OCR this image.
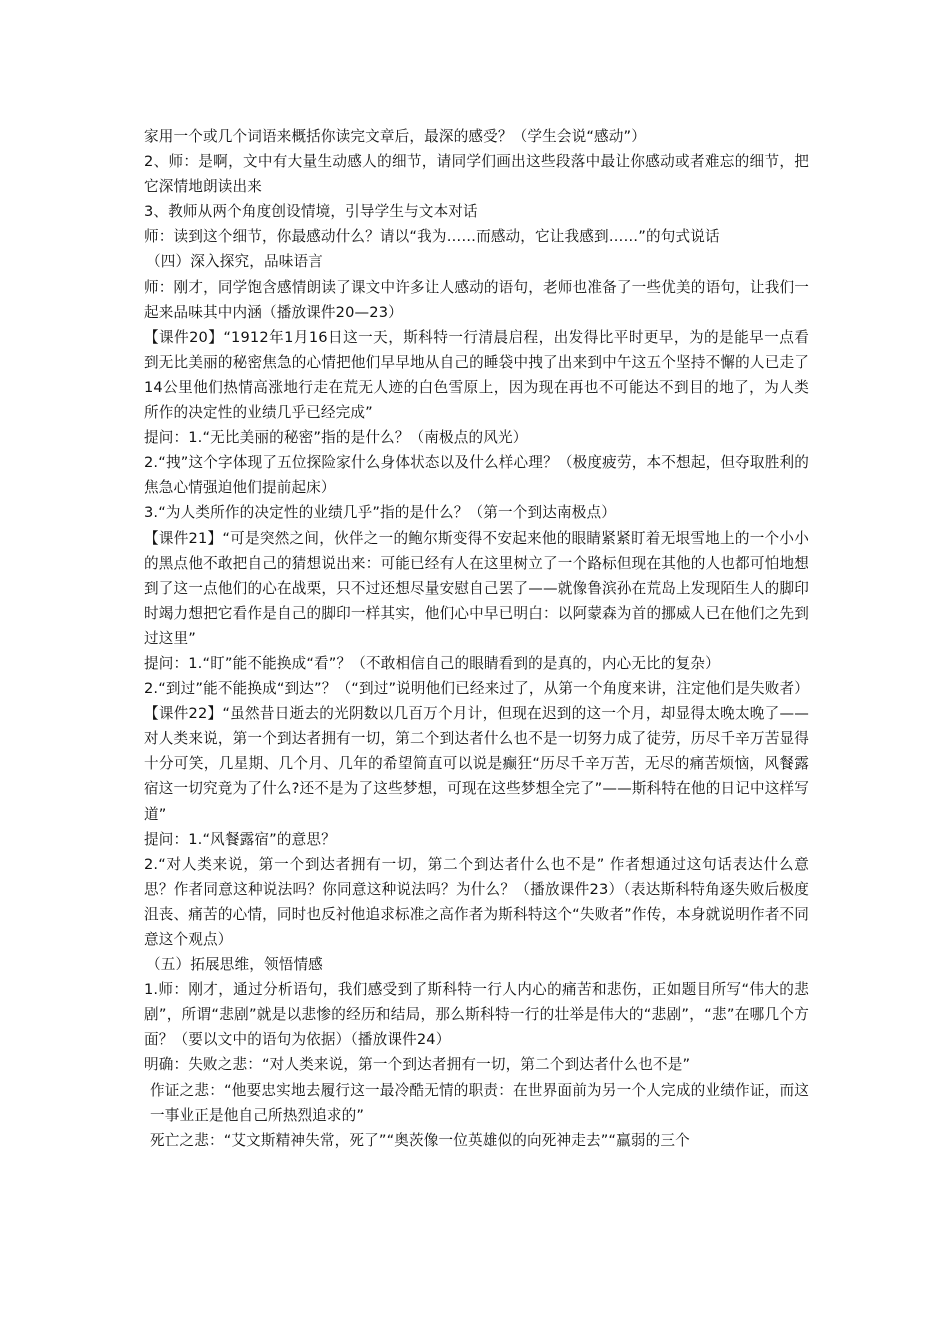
家用一个或几个词语来概括你读完文章后，最深的感受？（学生会说“感动”）

2、师：是啊，文中有大量生动感人的细节，请同学们画出这些段落中最让你感动或者难忘的细节，把它深情地朗读出来

3、教师从两个角度创设情境，引导学生与文本对话

师：读到这个细节，你最感动什么？请以“我为……而感动，它让我感到……”的句式说话

（四）深入探究，品味语言

师：刚才，同学饱含感情朗读了课文中许多让人感动的语句，老师也准备了一些优美的语句，让我们一起来品味其中内涵（播放课件20—23）

【课件20】“1912年1月16日这一天，斯科特一行清晨启程，出发得比平时更早，为的是能早一点看到无比美丽的秘密焦急的心情把他们早早地从自己的睡袋中拽了出来到中午这五个坚持不懈的人已走了14公里他们热情高涨地行走在荒无人迹的白色雪原上，因为现在再也不可能达不到目的地了，为人类所作的决定性的业绩几乎已经完成”

提问：1.“无比美丽的秘密”指的是什么？（南极点的风光）

2.“拽”这个字体现了五位探险家什么身体状态以及什么样心理？（极度疲劳，本不想起，但夺取胜利的焦急心情强迫他们提前起床）

3.“为人类所作的决定性的业绩几乎”指的是什么？（第一个到达南极点）

【课件21】“可是突然之间，伙伴之一的鲍尔斯变得不安起来他的眼睛紧紧盯着无垠雪地上的一个小小的黑点他不敢把自己的猜想说出来：可能已经有人在这里树立了一个路标但现在其他的人也都可怕地想到了这一点他们的心在战栗，只不过还想尽量安慰自己罢了——就像鲁滨孙在荒岛上发现陌生人的脚印时竭力想把它看作是自己的脚印一样其实，他们心中早已明白：以阿蒙森为首的挪威人已在他们之先到过这里”

提问：1.“盯”能不能换成“看”？（不敢相信自己的眼睛看到的是真的，内心无比的复杂）

2.“到过”能不能换成“到达”？（“到过”说明他们已经来过了，从第一个角度来讲，注定他们是失败者）

【课件22】“虽然昔日逝去的光阴数以几百万个月计，但现在迟到的这一个月，却显得太晚太晚了——对人类来说，第一个到达者拥有一切，第二个到达者什么也不是一切努力成了徒劳，历尽千辛万苦显得十分可笑，几星期、几个月、几年的希望简直可以说是癫狂“历尽千辛万苦，无尽的痛苦烦恼，风餐露宿这一切究竟为了什么?还不是为了这些梦想，可现在这些梦想全完了”——斯科特在他的日记中这样写道”

提问：1.“风餐露宿”的意思？

2.“对人类来说，第一个到达者拥有一切，第二个到达者什么也不是” 作者想通过这句话表达什么意思？作者同意这种说法吗？你同意这种说法吗？为什么？（播放课件23）（表达斯科特角逐失败后极度沮丧、痛苦的心情，同时也反衬他追求标准之高作者为斯科特这个“失败者”作传，本身就说明作者不同意这个观点）

（五）拓展思维，领悟情感

1.师：刚才，通过分析语句，我们感受到了斯科特一行人内心的痛苦和悲伤，正如题目所写“伟大的悲剧”，所谓“悲剧”就是以悲惨的经历和结局，那么斯科特一行的壮举是伟大的“悲剧”，“悲”在哪几个方面？（要以文中的语句为依据）（播放课件24）

明确：失败之悲：“对人类来说，第一个到达者拥有一切，第二个到达者什么也不是”

作证之悲：“他要忠实地去履行这一最冷酷无情的职责：在世界面前为另一个人完成的业绩作证，而这一事业正是他自己所热烈追求的”

死亡之悲：“艾文斯精神失常，死了”“奥茨像一位英雄似的向死神走去”“羸弱的三个
